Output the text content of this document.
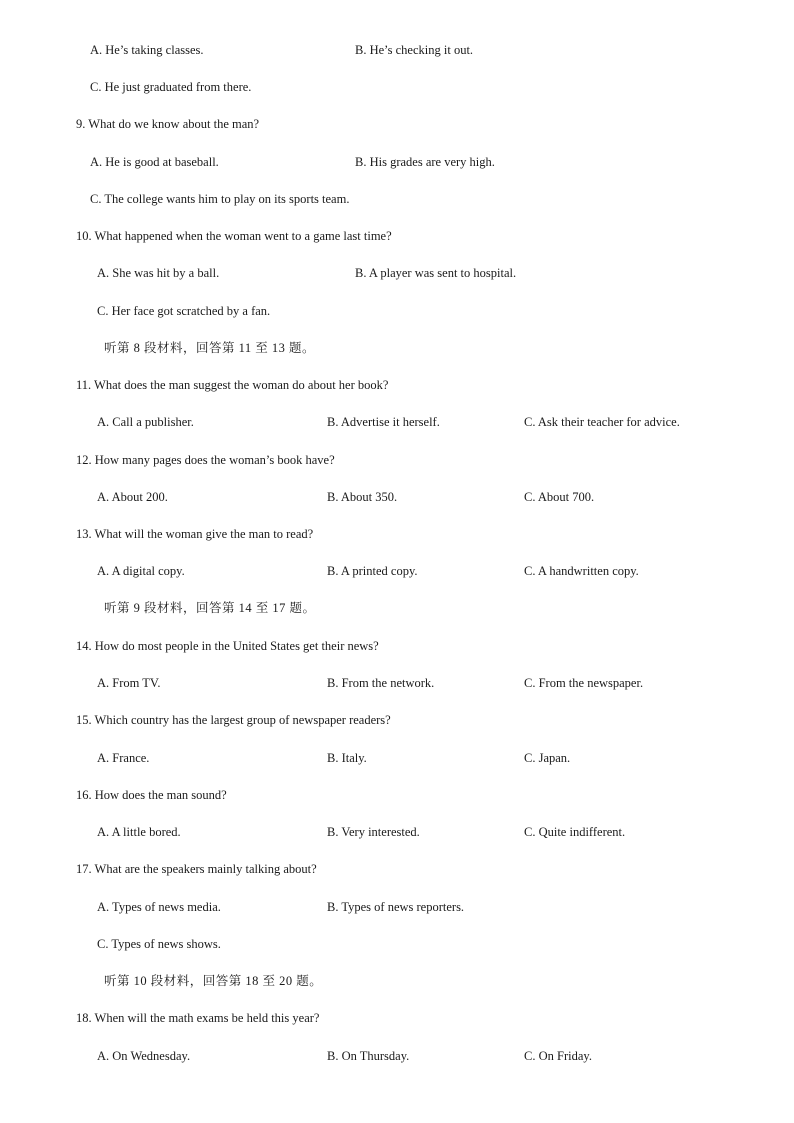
A. He’s taking classes.	B. He’s checking it out.
C. He just graduated from there.
9. What do we know about the man?
A. He is good at baseball.	B. His grades are very high.
C. The college wants him to play on its sports team.
10. What happened when the woman went to a game last time?
A. She was hit by a ball.	B. A player was sent to hospital.
C. Her face got scratched by a fan.
听第 8 段材料，回答第 11 至 13 题。
11. What does the man suggest the woman do about her book?
A. Call a publisher.	B. Advertise it herself.	C. Ask their teacher for advice.
12. How many pages does the woman’s book have?
A. About 200.	B. About 350.	C. About 700.
13. What will the woman give the man to read?
A. A digital copy.	B. A printed copy.	C. A handwritten copy.
听第 9 段材料，回答第 14 至 17 题。
14. How do most people in the United States get their news?
A. From TV.	B. From the network.	C. From the newspaper.
15. Which country has the largest group of newspaper readers?
A. France.	B. Italy.	C. Japan.
16. How does the man sound?
A. A little bored.	B. Very interested.	C. Quite indifferent.
17. What are the speakers mainly talking about?
A. Types of news media.	B. Types of news reporters.
C. Types of news shows.
听第 10 段材料，回答第 18 至 20 题。
18. When will the math exams be held this year?
A. On Wednesday.	B. On Thursday.	C. On Friday.
